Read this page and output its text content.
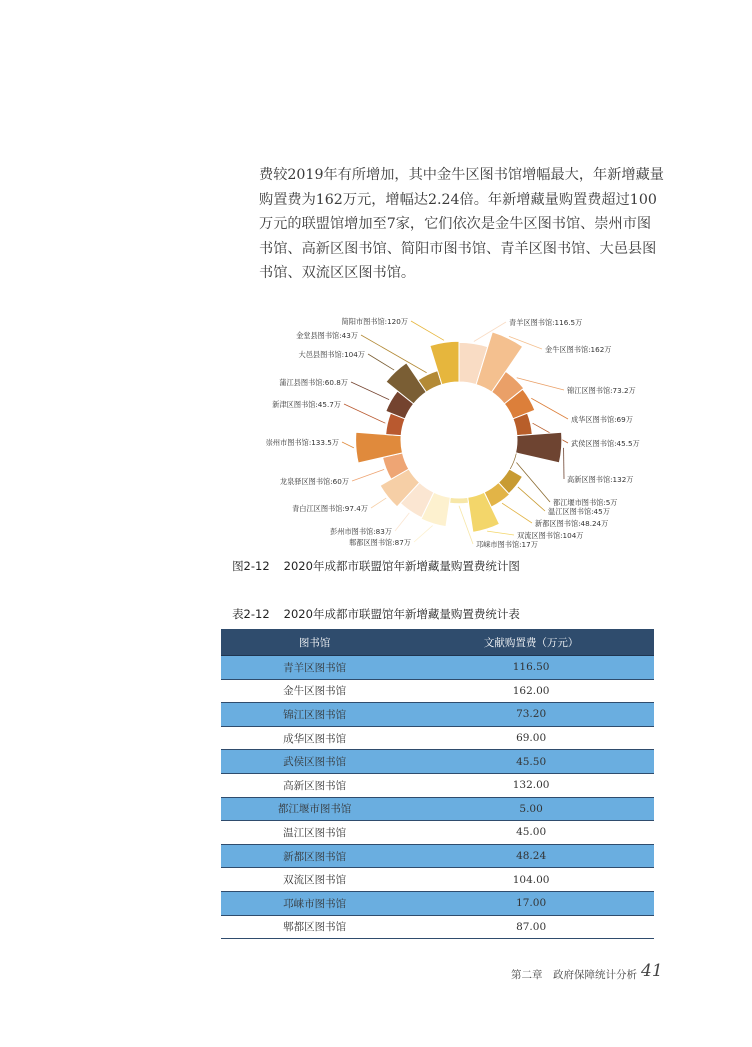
费较2019年有所增加，其中金牛区图书馆增幅最大，年新增藏量
购置费为162万元，增幅达2.24倍。年新增藏量购置费超过100
万元的联盟馆增加至7家，它们依次是金牛区图书馆、崇州市图
书馆、高新区图书馆、简阳市图书馆、青羊区图书馆、大邑县图
书馆、双流区区图书馆。

青羊区图书馆:116.5万
金牛区图书馆:162万
锦江区图书馆:73.2万
成华区图书馆:69万
武侯区图书馆:45.5万
高新区图书馆:132万
都江堰市图书馆:5万
温江区图书馆:45万
新都区图书馆:48.24万
双流区图书馆:104万
邛崃市图书馆:17万
郫都区图书馆:87万
彭州市图书馆:83万
青白江区图书馆:97.4万
龙泉驿区图书馆:60万
崇州市图书馆:133.5万
新津区图书馆:45.7万
蒲江县图书馆:60.8万
大邑县图书馆:104万
金堂县图书馆:43万
简阳市图书馆:120万
图2-12 2020年成都市联盟馆年新增藏量购置费统计图
表2-12 2020年成都市联盟馆年新增藏量购置费统计表
图书馆	文献购置费（万元）
青羊区图书馆	116.50
金牛区图书馆	162.00
锦江区图书馆	73.20
成华区图书馆	69.00
武侯区图书馆	45.50
高新区图书馆	132.00
都江堰市图书馆	5.00
温江区图书馆	45.00
新都区图书馆	48.24
双流区图书馆	104.00
邛崃市图书馆	17.00
郫都区图书馆	87.00
第二章　政府保障统计分析 41
